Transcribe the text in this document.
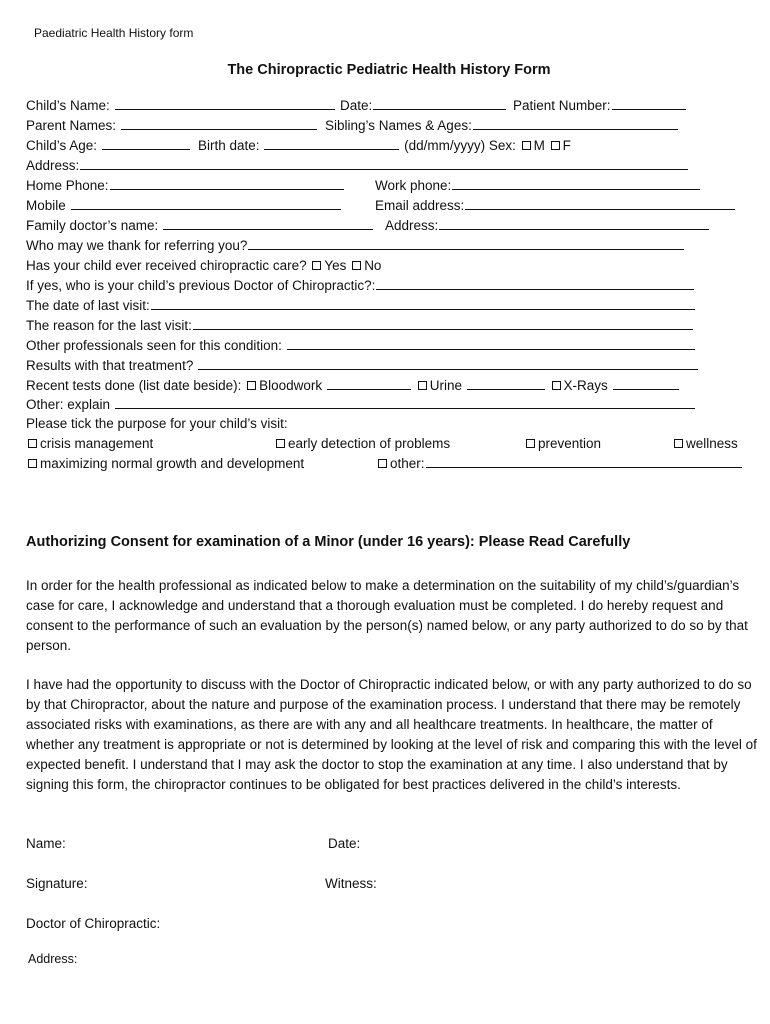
Paediatric Health History form
The Chiropractic Pediatric Health History Form
Child’s Name:	Date:	Patient Number:
Parent Names:	Sibling’s Names & Ages:
Child’s Age:	Birth date:	(dd/mm/yyyy) Sex: M F
Address:
Home Phone:	Work phone:
Mobile	Email address:
Family doctor’s name:	Address:
Who may we thank for referring you?
Has your child ever received chiropractic care? Yes No
If yes, who is your child’s previous Doctor of Chiropractic?:
The date of last visit:
The reason for the last visit:
Other professionals seen for this condition:
Results with that treatment?
Recent tests done (list date beside): Bloodwork	Urine	X-Rays
Other: explain
Please tick the purpose for your child’s visit:
crisis management	early detection of problems	prevention	wellness
maximizing normal growth and development	other:
Authorizing Consent for examination of a Minor (under 16 years): Please Read Carefully

In order for the health professional as indicated below to make a determination on the suitability of my child’s/guardian’s case for care, I acknowledge and understand that a thorough evaluation must be completed. I do hereby request and consent to the performance of such an evaluation by the person(s) named below, or any party authorized to do so by that person.

I have had the opportunity to discuss with the Doctor of Chiropractic indicated below, or with any party authorized to do so by that Chiropractor, about the nature and purpose of the examination process. I understand that there may be remotely associated risks with examinations, as there are with any and all healthcare treatments. In healthcare, the matter of whether any treatment is appropriate or not is determined by looking at the level of risk and comparing this with the level of expected benefit. I understand that I may ask the doctor to stop the examination at any time. I also understand that by signing this form, the chiropractor continues to be obligated for best practices delivered in the child’s interests.

Name:	Date:
Signature:	Witness:
Doctor of Chiropractic:
Address:
